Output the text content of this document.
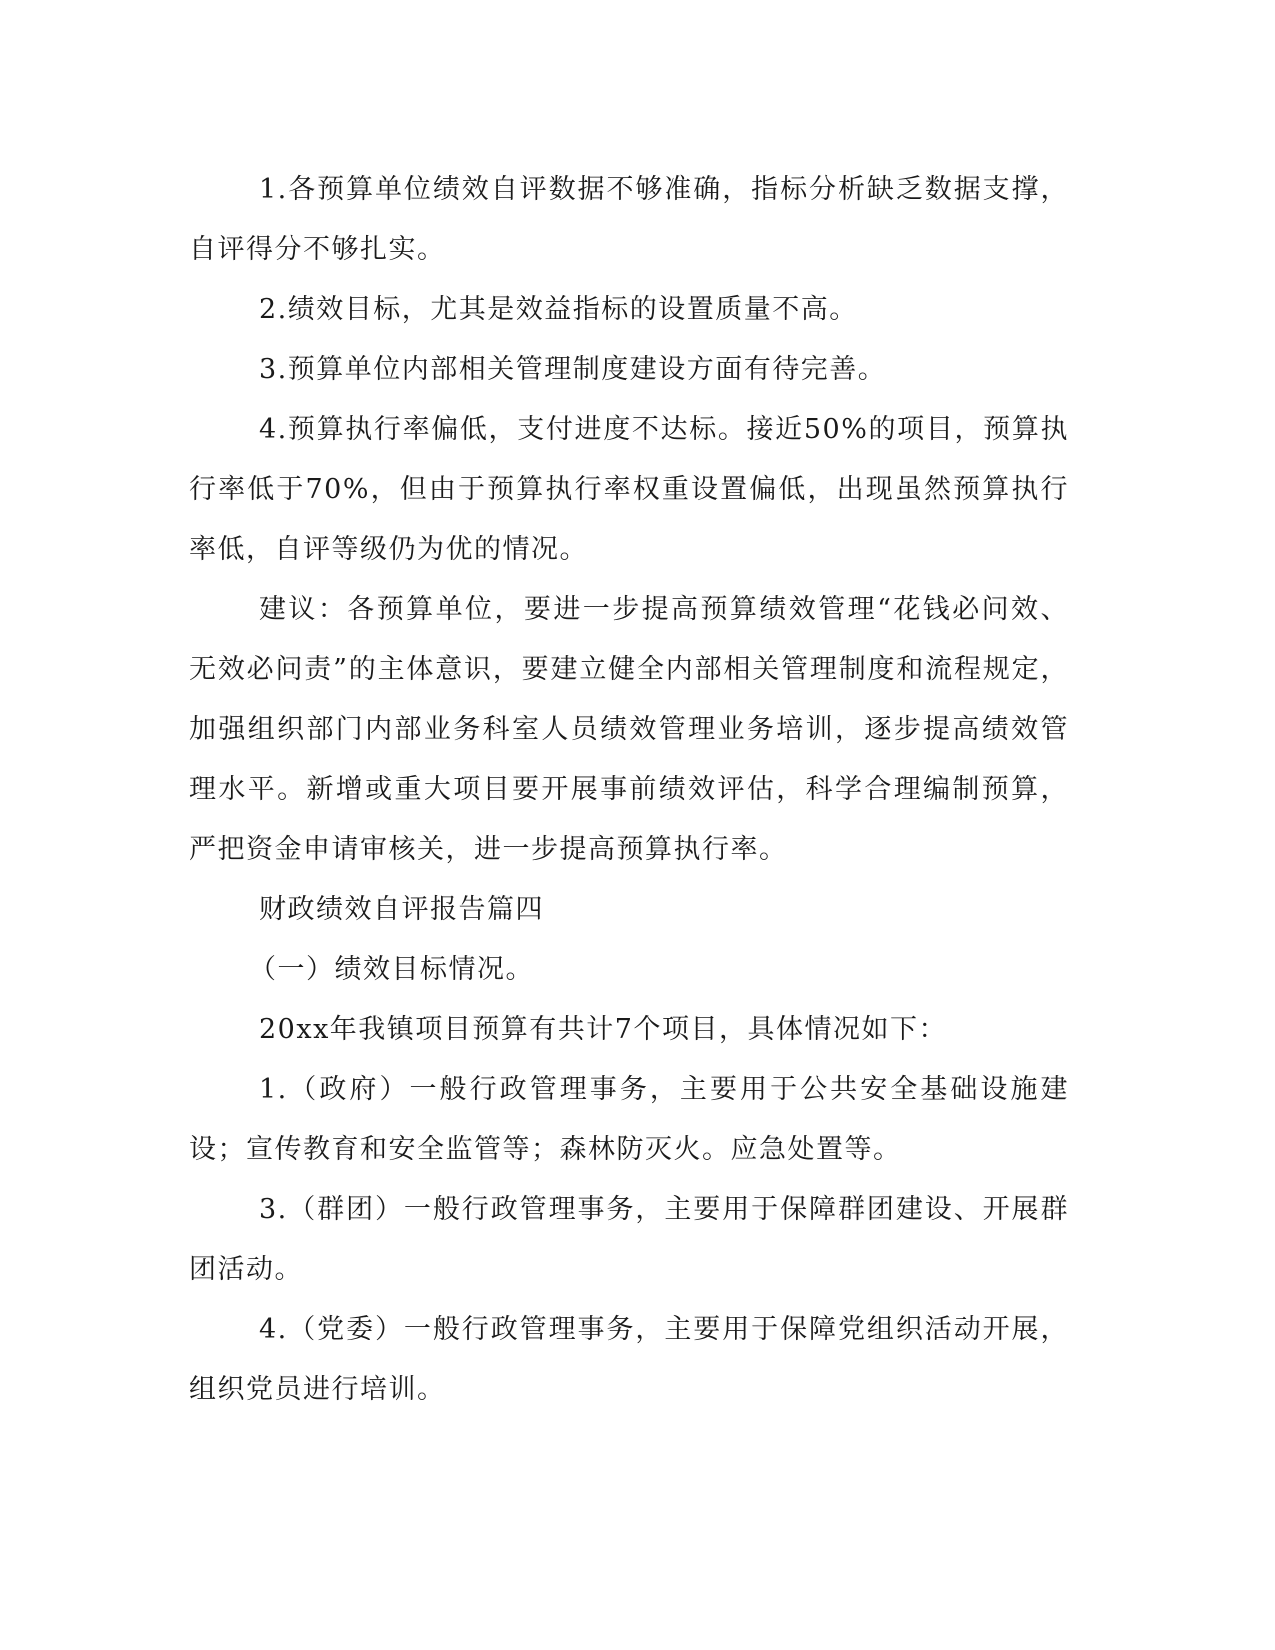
1.各预算单位绩效自评数据不够准确，指标分析缺乏数据支撑，自评得分不够扎实。

2.绩效目标，尤其是效益指标的设置质量不高。

3.预算单位内部相关管理制度建设方面有待完善。

4.预算执行率偏低，支付进度不达标。接近50%的项目，预算执行率低于70%，但由于预算执行率权重设置偏低，出现虽然预算执行率低，自评等级仍为优的情况。

建议：各预算单位，要进一步提高预算绩效管理“花钱必问效、无效必问责”的主体意识，要建立健全内部相关管理制度和流程规定，加强组织部门内部业务科室人员绩效管理业务培训，逐步提高绩效管理水平。新增或重大项目要开展事前绩效评估，科学合理编制预算，严把资金申请审核关，进一步提高预算执行率。

财政绩效自评报告篇四

（一）绩效目标情况。

20xx年我镇项目预算有共计7个项目，具体情况如下：

1.（政府）一般行政管理事务，主要用于公共安全基础设施建设；宣传教育和安全监管等；森林防灭火。应急处置等。

3.（群团）一般行政管理事务，主要用于保障群团建设、开展群团活动。

4.（党委）一般行政管理事务，主要用于保障党组织活动开展，组织党员进行培训。
